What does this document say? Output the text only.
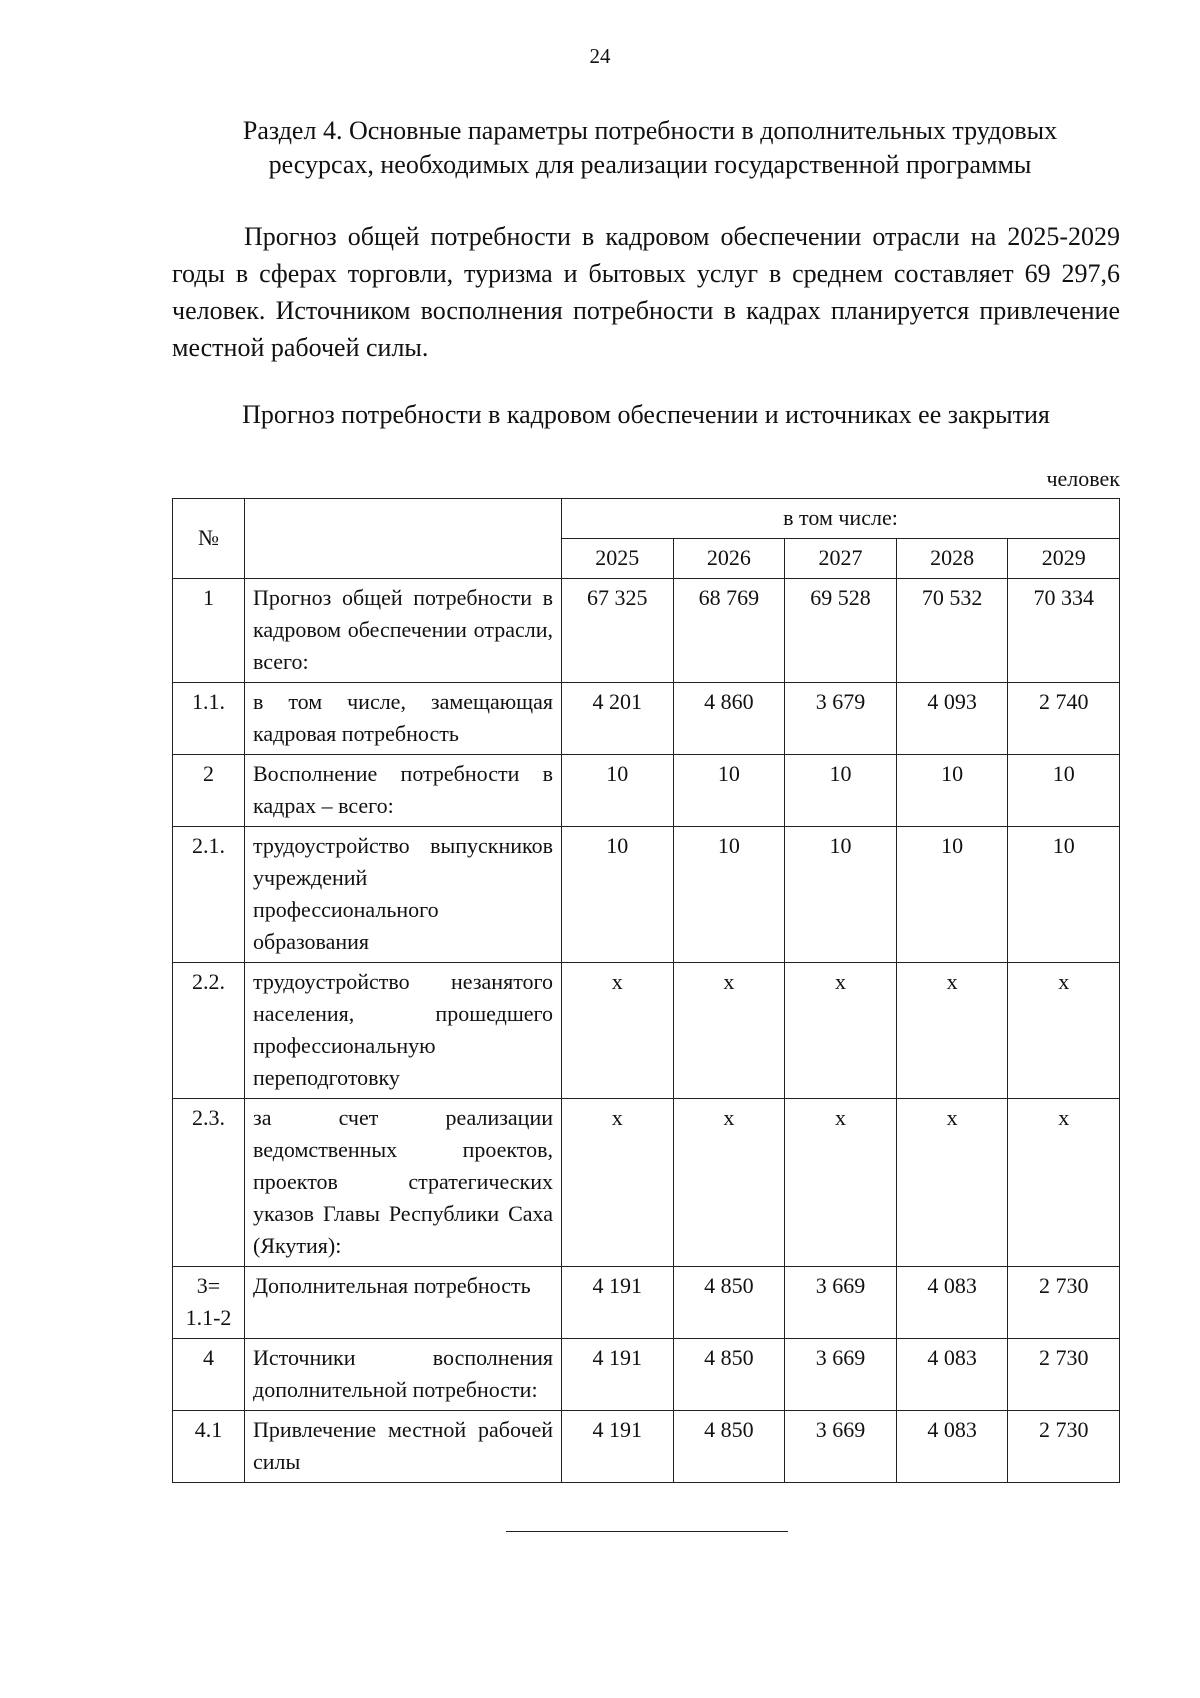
24
Раздел 4. Основные параметры потребности в дополнительных трудовых
ресурсах, необходимых для реализации государственной программы
Прогноз общей потребности в кадровом обеспечении отрасли на 2025-2029 годы в сферах торговли, туризма и бытовых услуг в среднем составляет 69 297,6 человек. Источником восполнения потребности в кадрах планируется привлечение местной рабочей силы.
Прогноз потребности в кадровом обеспечении и источниках ее закрытия
человек
№		в том числе:				
		2025	2026	2027	2028	2029
1	Прогноз общей потребности в кадровом обеспечении отрасли, всего:	67 325	68 769	69 528	70 532	70 334
1.1.	в том числе, замещающая кадровая потребность	4 201	4 860	3 679	4 093	2 740
2	Восполнение потребности в кадрах – всего:	10	10	10	10	10
2.1.	трудоустройство выпускников учреждений профессионального образования	10	10	10	10	10
2.2.	трудоустройство незанятого населения, прошедшего профессиональную переподготовку	х	х	х	х	х
2.3.	за счет реализации ведомственных проектов, проектов стратегических указов Главы Республики Саха (Якутия):	х	х	х	х	х
3= 1.1-2	Дополнительная потребность	4 191	4 850	3 669	4 083	2 730
4	Источники восполнения дополнительной потребности:	4 191	4 850	3 669	4 083	2 730
4.1	Привлечение местной рабочей силы	4 191	4 850	3 669	4 083	2 730
